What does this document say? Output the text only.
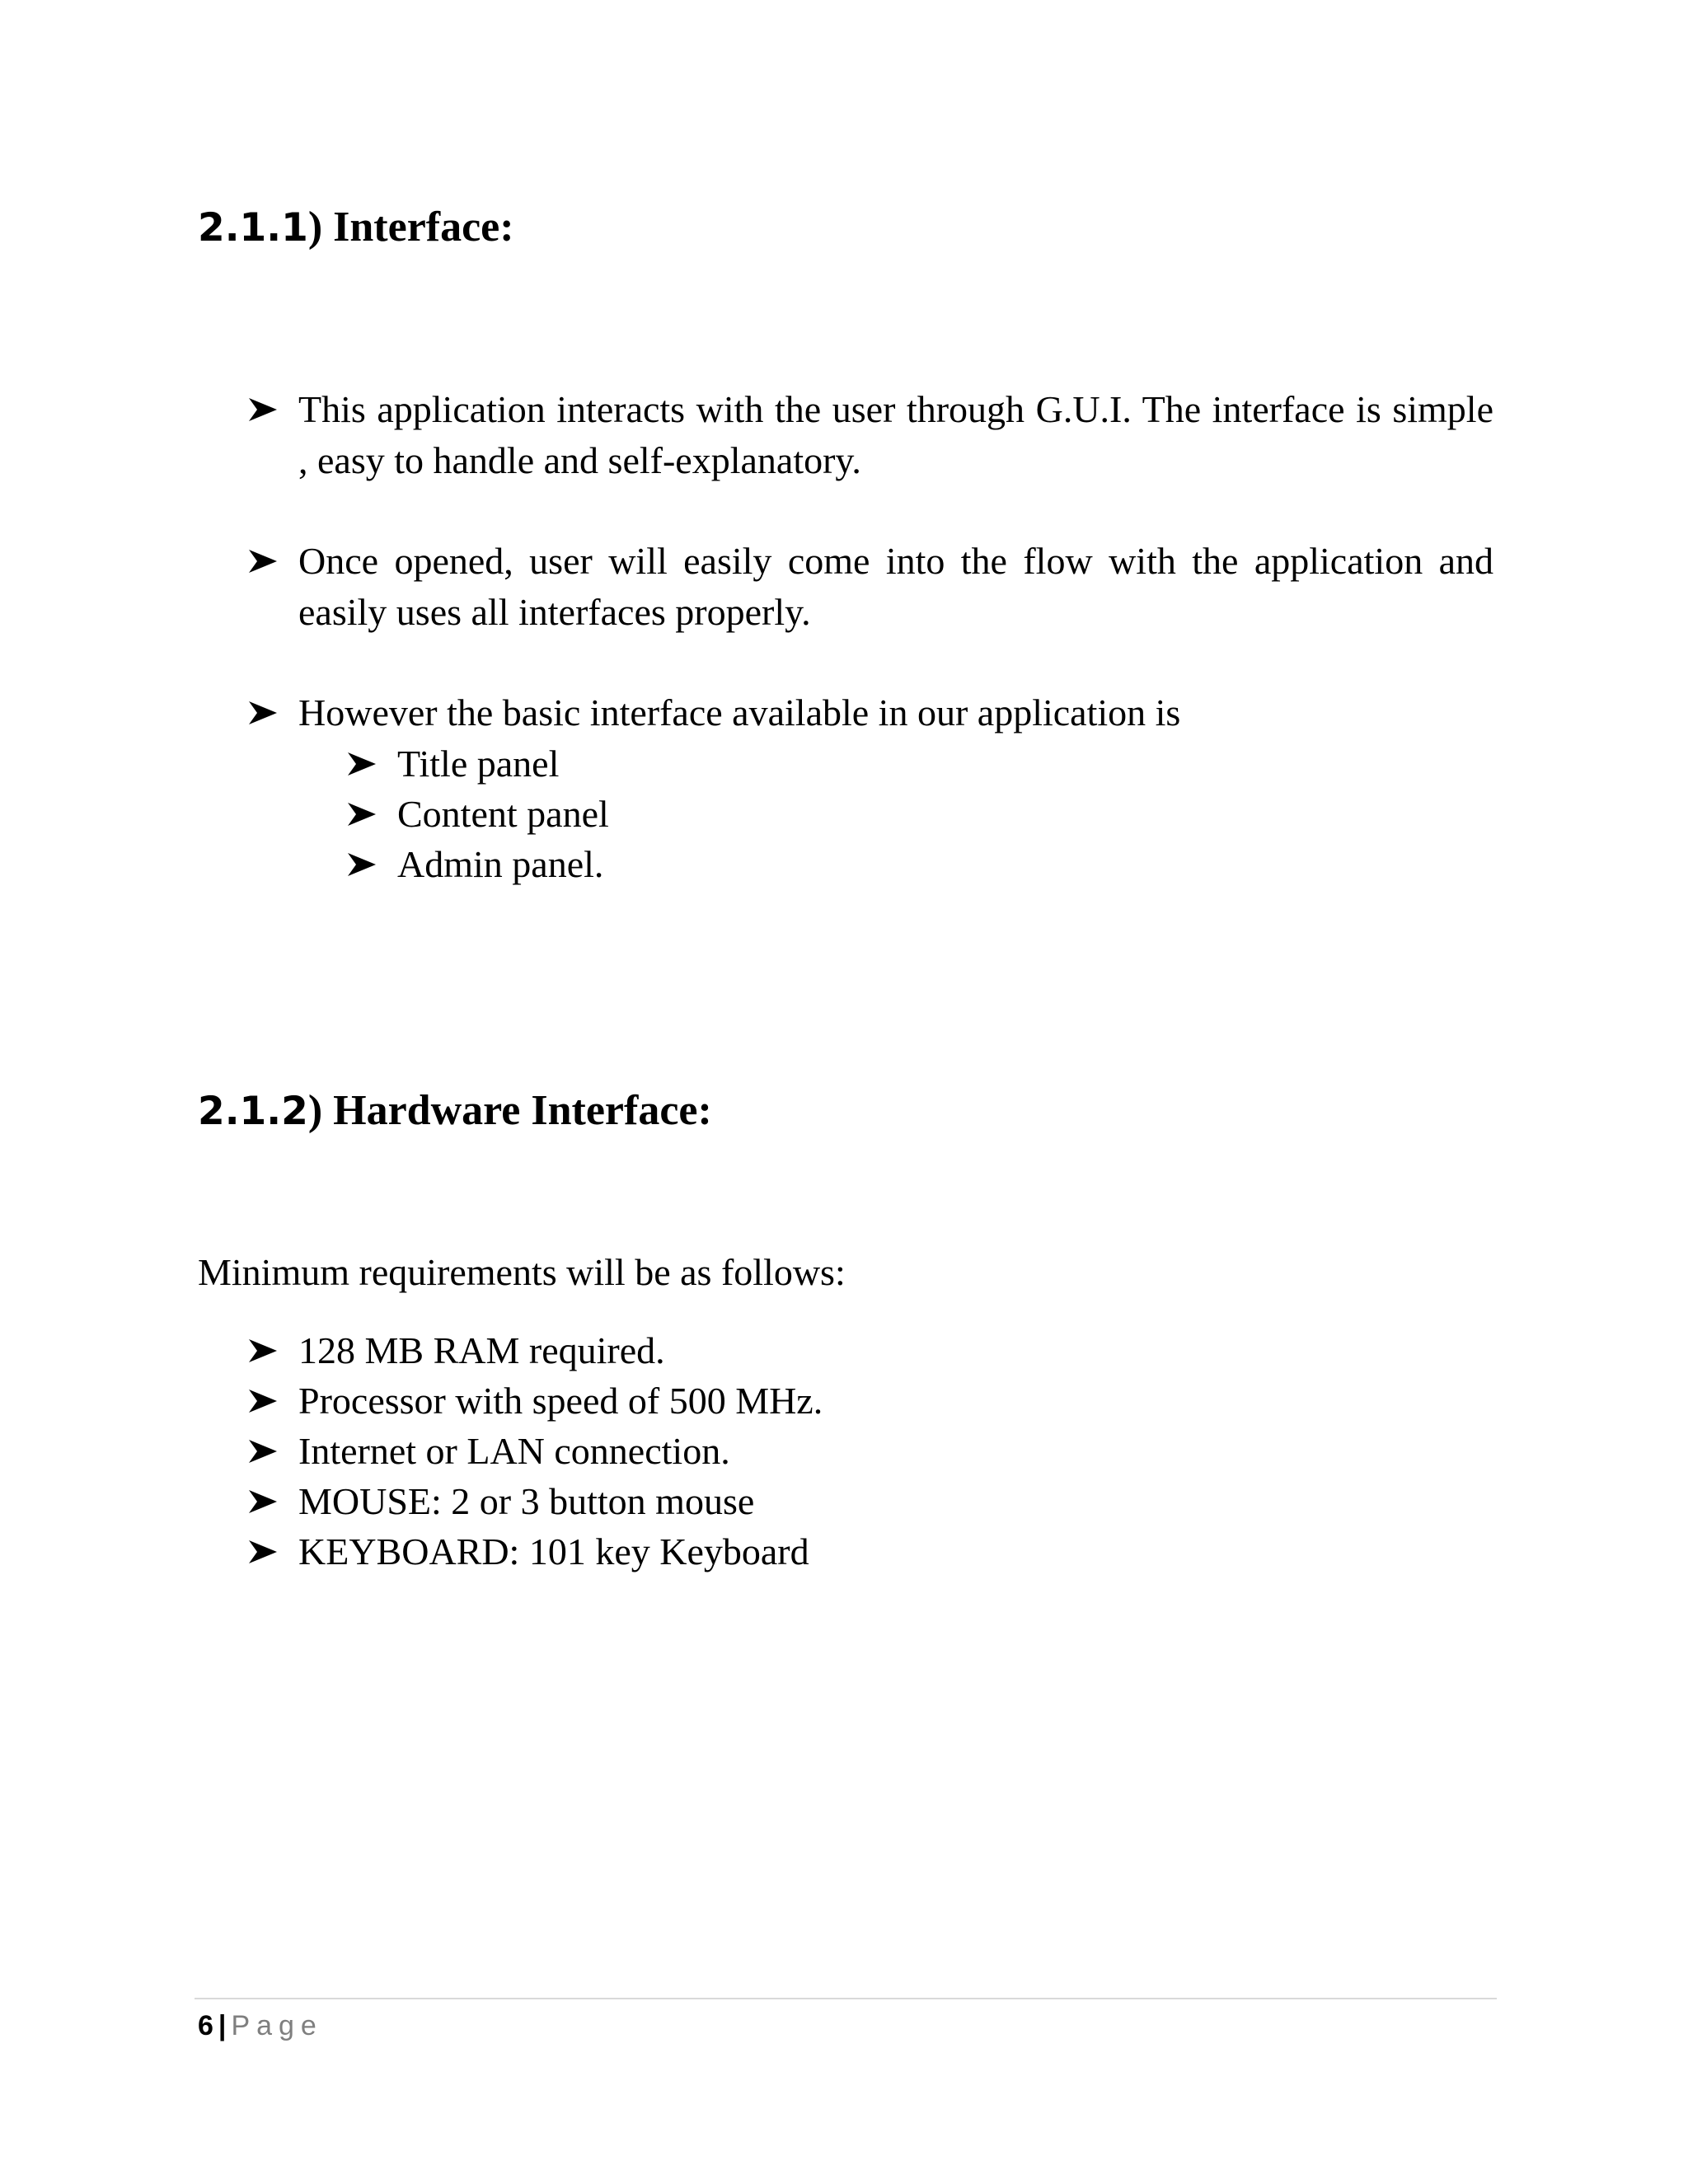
2.1.1) Interface:
This application interacts with the user through G.U.I. The interface is simple , easy to handle and self-explanatory.
Once opened, user will easily come into the flow with the application and easily uses all interfaces properly.
However the basic interface available in our application is
Title panel
Content panel
Admin panel.
2.1.2) Hardware Interface:

Minimum requirements will be as follows:

128 MB RAM required.
Processor with speed of 500 MHz.
Internet or LAN connection.
MOUSE: 2 or 3 button mouse
KEYBOARD: 101 key Keyboard
6 | Page
